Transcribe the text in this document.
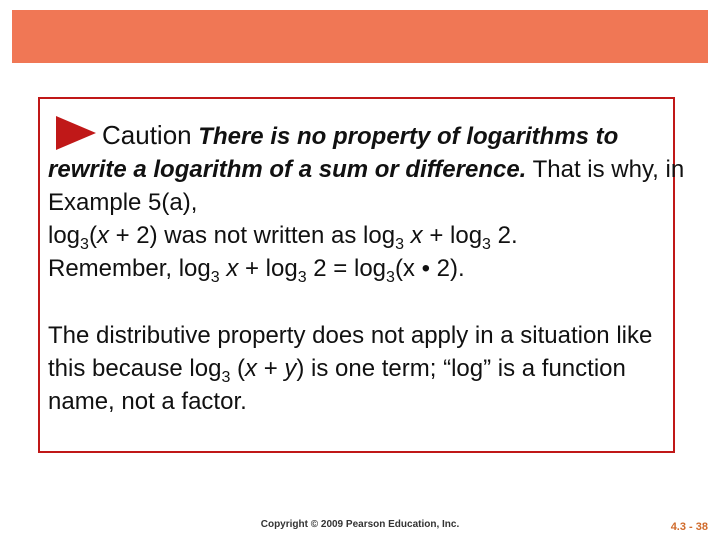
Caution There is no property of logarithms to rewrite a logarithm of a sum or difference. That is why, in Example 5(a),
$\log_3(x + 2)$ was not written as $\log_3 x + \log_3 2$.
Remember, $\log_3 x + \log_3 2 = \log_3(x$ • 2).

The distributive property does not apply in a situation like this because $\log_3 (x + y)$ is one term; “log” is a function name, not a factor.

Copyright © 2009 Pearson Education, Inc.	4.3 - 38
